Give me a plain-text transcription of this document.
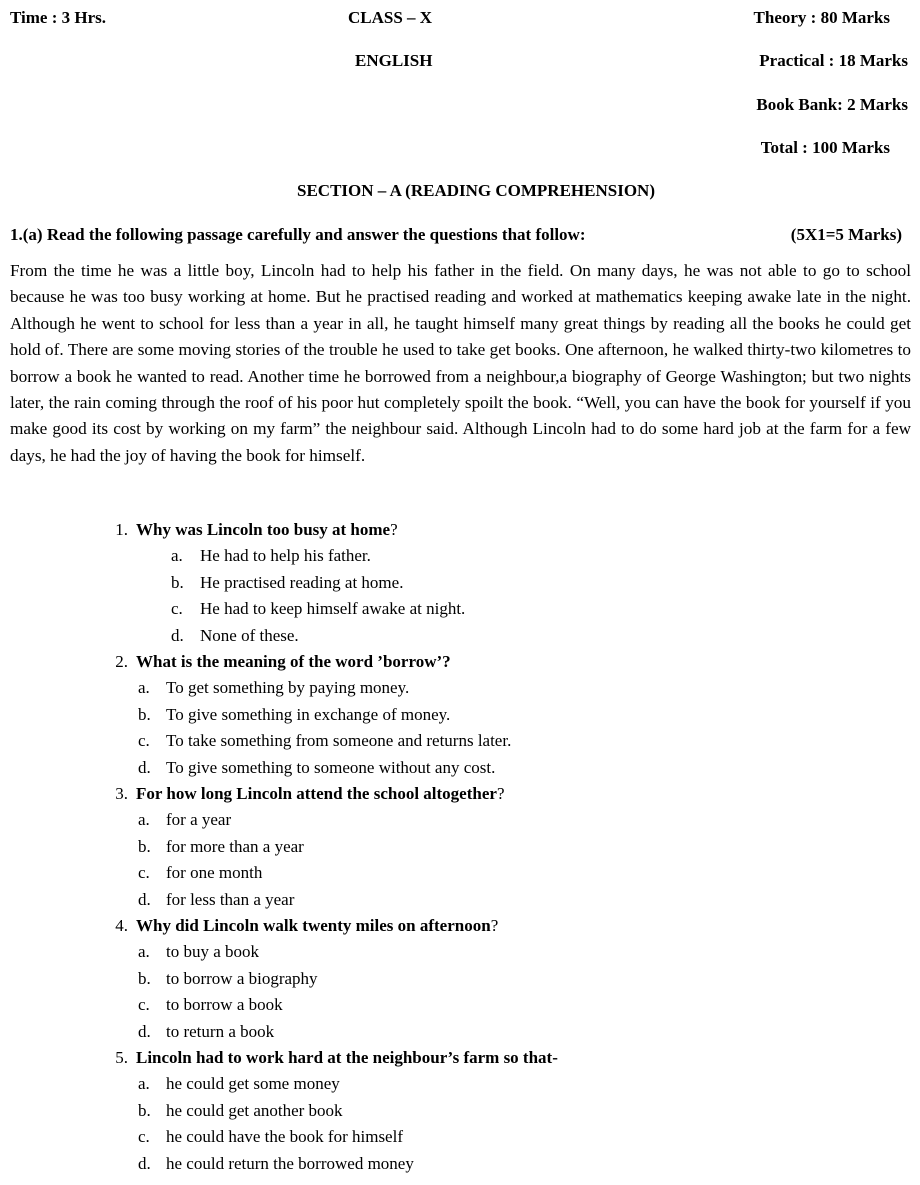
Time : 3 Hrs.	CLASS – X
ENGLISH
Theory : 80 Marks
Practical : 18 Marks
Book Bank: 2 Marks
Total : 100 Marks
SECTION – A (READING COMPREHENSION)
1.(a) Read the following passage carefully and answer the questions that follow:	(5X1=5 Marks)
From the time he was a little boy, Lincoln had to help his father in the field. On many days, he was not able to go to school because he was too busy working at home. But he practised reading and worked at mathematics keeping awake late in the night. Although he went to school for less than a year in all, he taught himself many great things by reading all the books he could get hold of. There are some moving stories of the trouble he used to take get books. One afternoon, he walked thirty-two kilometres to borrow a book he wanted to read. Another time he borrowed from a neighbour,a biography of George Washington; but two nights later, the rain coming through the roof of his poor hut completely spoilt the book. “Well, you can have the book for yourself if you make good its cost by working on my farm” the neighbour said. Although Lincoln had to do some hard job at the farm for a few days, he had the joy of having the book for himself.
1. Why was Lincoln too busy at home?
a. He had to help his father.
b. He practised reading at home.
c. He had to keep himself awake at night.
d. None of these.
2. What is the meaning of the word ’borrow’?
a. To get something by paying money.
b. To give something in exchange of money.
c. To take something from someone and returns later.
d. To give something to someone without any cost.
3. For how long Lincoln attend the school altogether?
a. for a year
b. for more than a year
c. for one month
d. for less than a year
4. Why did Lincoln walk twenty miles on afternoon?
a. to buy a book
b. to borrow a biography
c. to borrow a book
d. to return a book
5. Lincoln had to work hard at the neighbour’s farm so that-
a. he could get some money
b. he could get another book
c. he could have the book for himself
d. he could return the borrowed money
